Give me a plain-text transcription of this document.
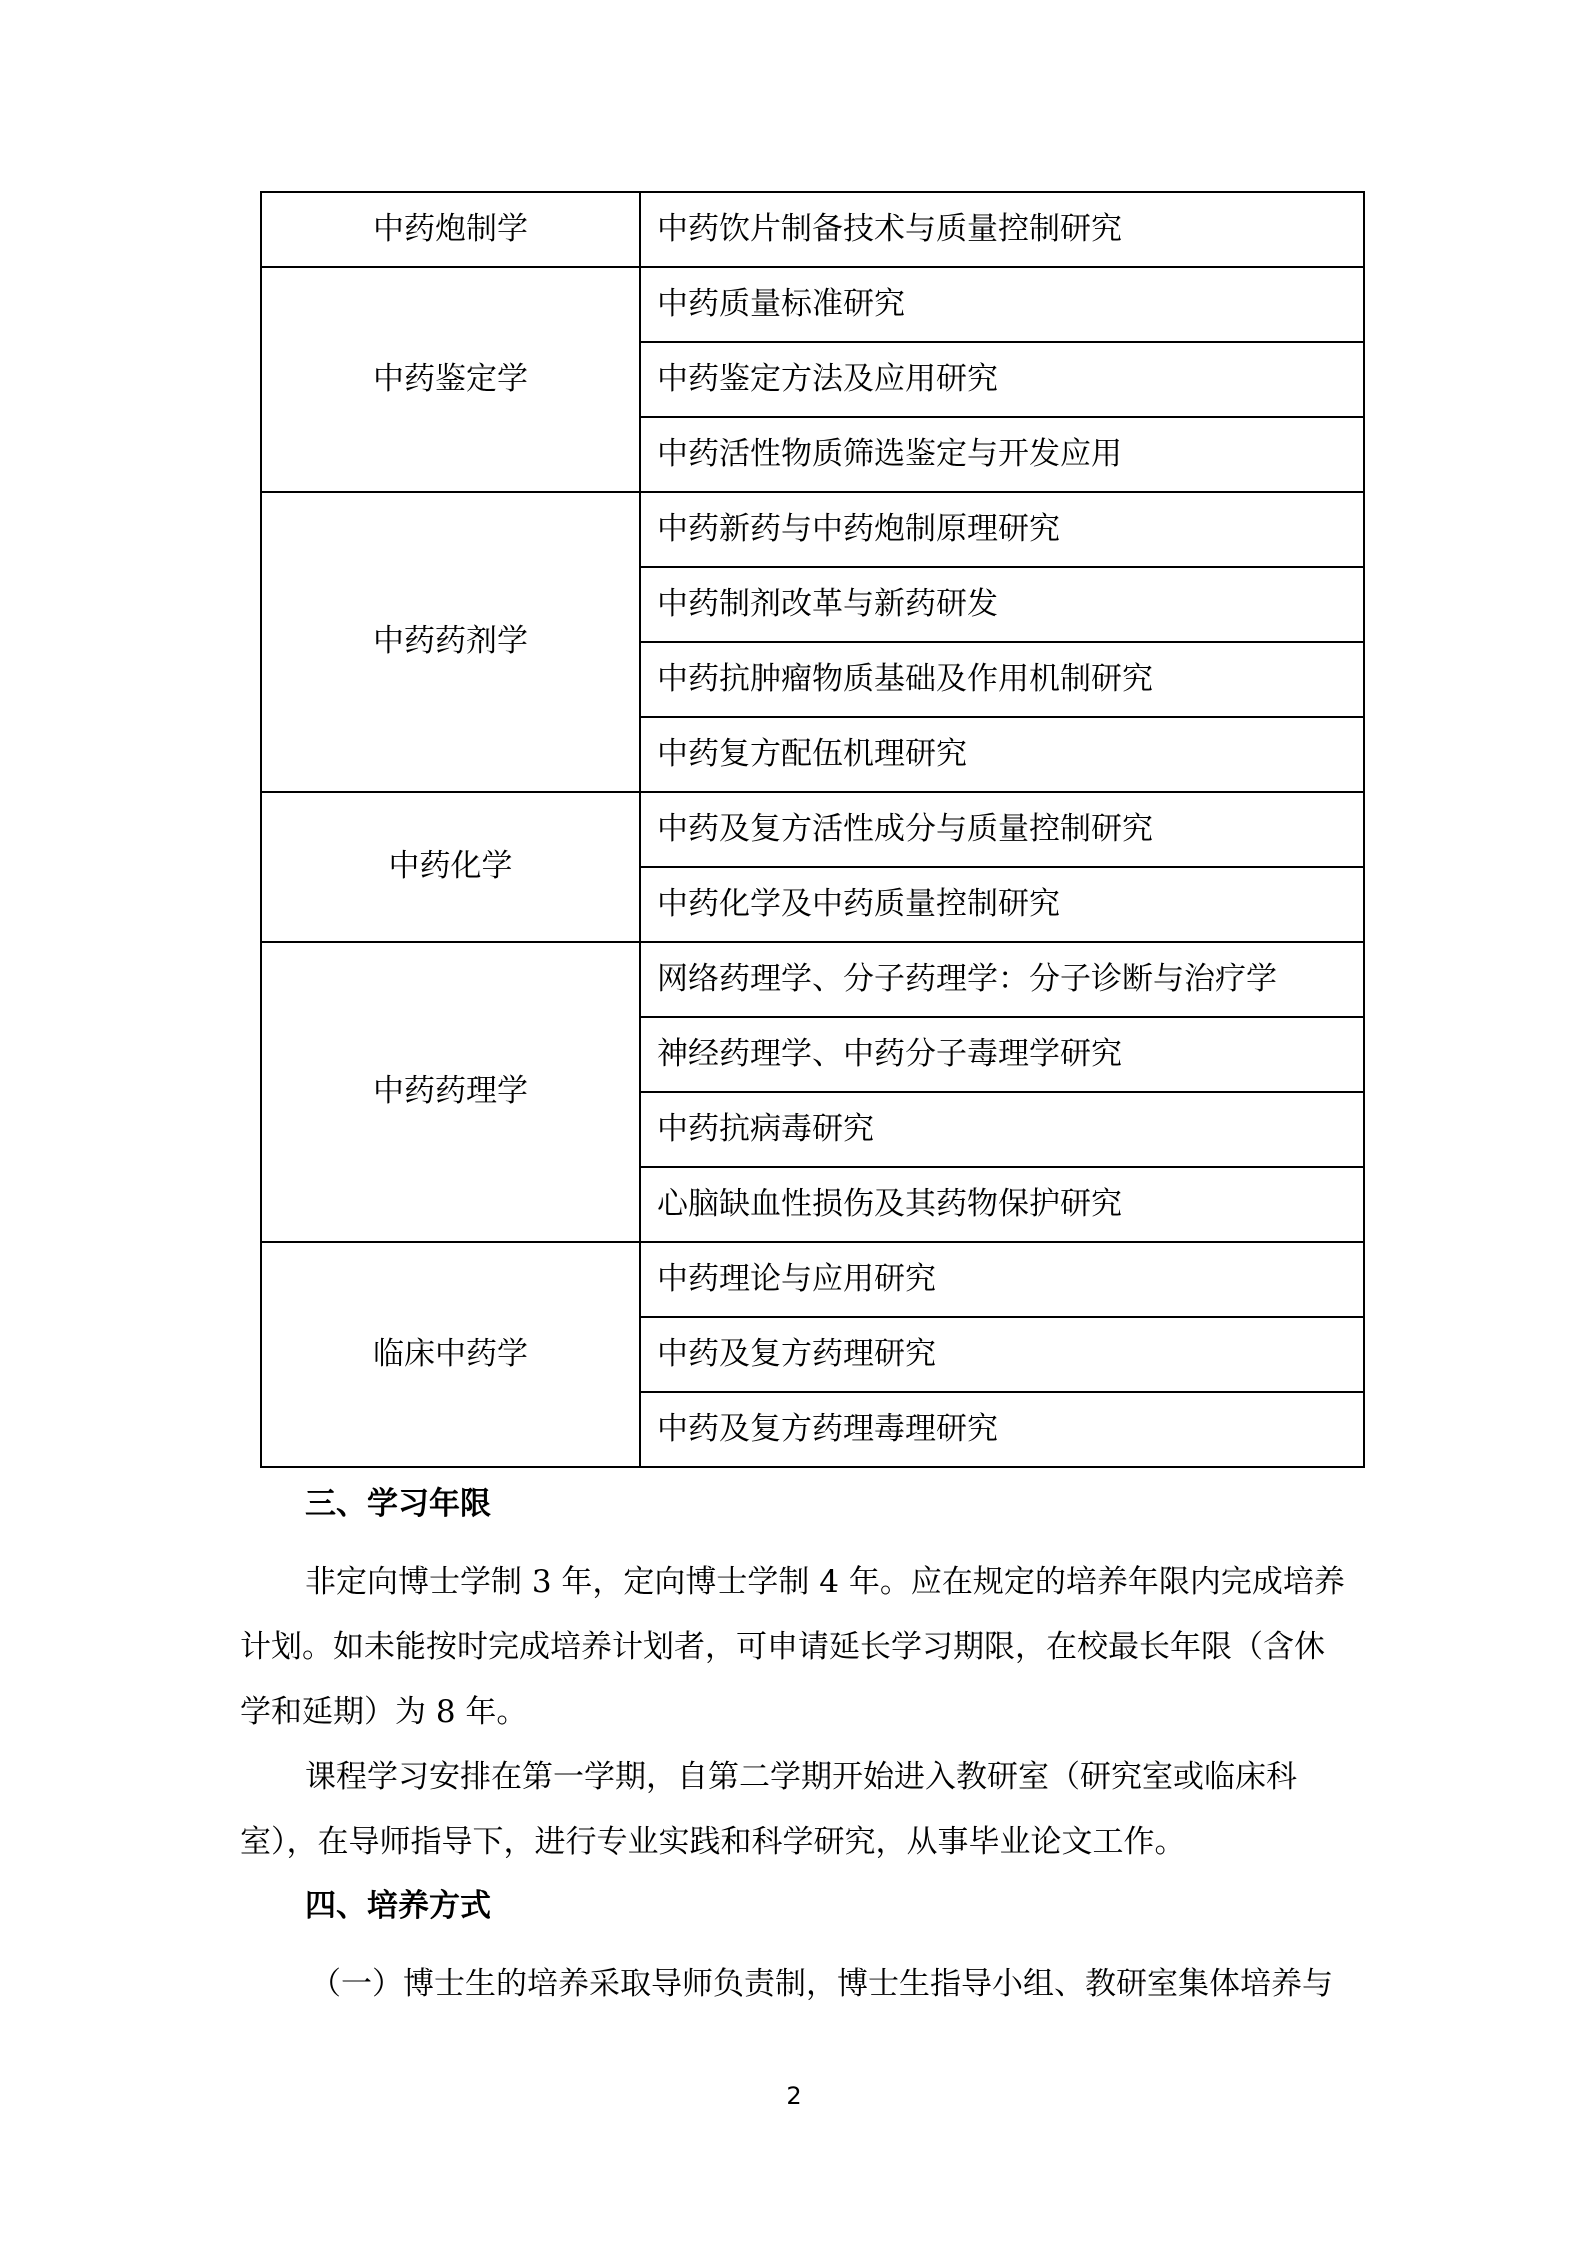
中药炮制学	中药饮片制备技术与质量控制研究
中药鉴定学	中药质量标准研究
	中药鉴定方法及应用研究
	中药活性物质筛选鉴定与开发应用
中药药剂学	中药新药与中药炮制原理研究
	中药制剂改革与新药研发
	中药抗肿瘤物质基础及作用机制研究
	中药复方配伍机理研究
中药化学	中药及复方活性成分与质量控制研究
	中药化学及中药质量控制研究
中药药理学	网络药理学、分子药理学：分子诊断与治疗学
	神经药理学、中药分子毒理学研究
	中药抗病毒研究
	心脑缺血性损伤及其药物保护研究
临床中药学	中药理论与应用研究
	中药及复方药理研究
	中药及复方药理毒理研究
三、学习年限
非定向博士学制 3 年，定向博士学制 4 年。应在规定的培养年限内完成培养计划。如未能按时完成培养计划者，可申请延长学习期限，在校最长年限（含休学和延期）为 8 年。
课程学习安排在第一学期，自第二学期开始进入教研室（研究室或临床科室），在导师指导下，进行专业实践和科学研究，从事毕业论文工作。
四、培养方式
（一）博士生的培养采取导师负责制，博士生指导小组、教研室集体培养与
2
